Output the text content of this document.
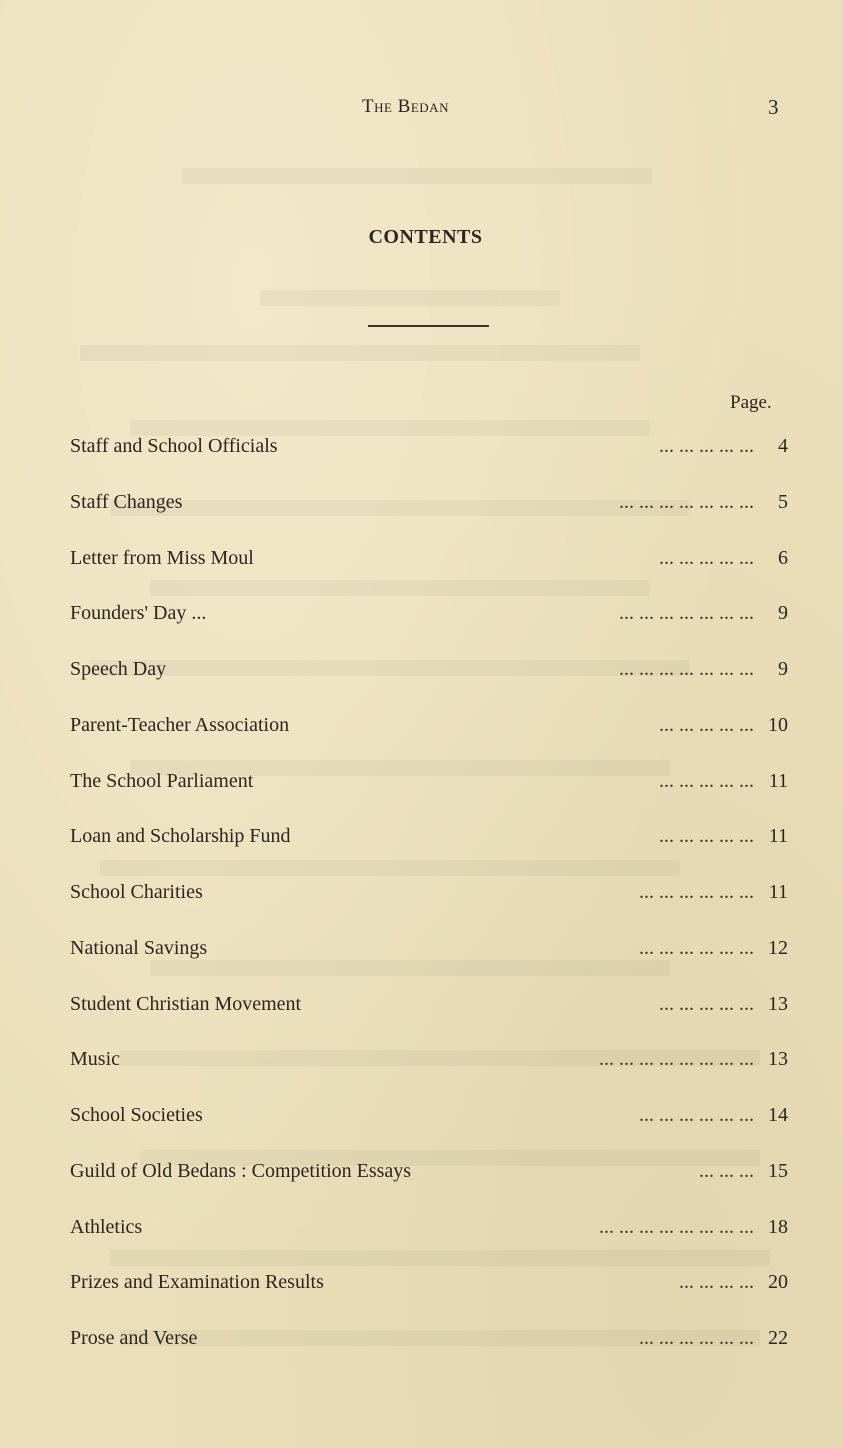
The Bedan	3
CONTENTS
Page.
Staff and School Officials	... ... ... ... ... 4
Staff Changes	... ... ... ... ... ... ... 5
Letter from Miss Moul	... ... ... ... ... 6
Founders' Day ...	... ... ... ... ... ... ... 9
Speech Day	... ... ... ... ... ... ... 9
Parent-Teacher Association	... ... ... ... ... 10
The School Parliament	... ... ... ... ... 11
Loan and Scholarship Fund	... ... ... ... ... 11
School Charities	... ... ... ... ... ... 11
National Savings	... ... ... ... ... ... 12
Student Christian Movement	... ... ... ... ... 13
Music	... ... ... ... ... ... ... ... 13
School Societies	... ... ... ... ... ... 14
Guild of Old Bedans : Competition Essays	... ... ... 15
Athletics	... ... ... ... ... ... ... ... 18
Prizes and Examination Results	... ... ... ... 20
Prose and Verse	... ... ... ... ... ... 22
